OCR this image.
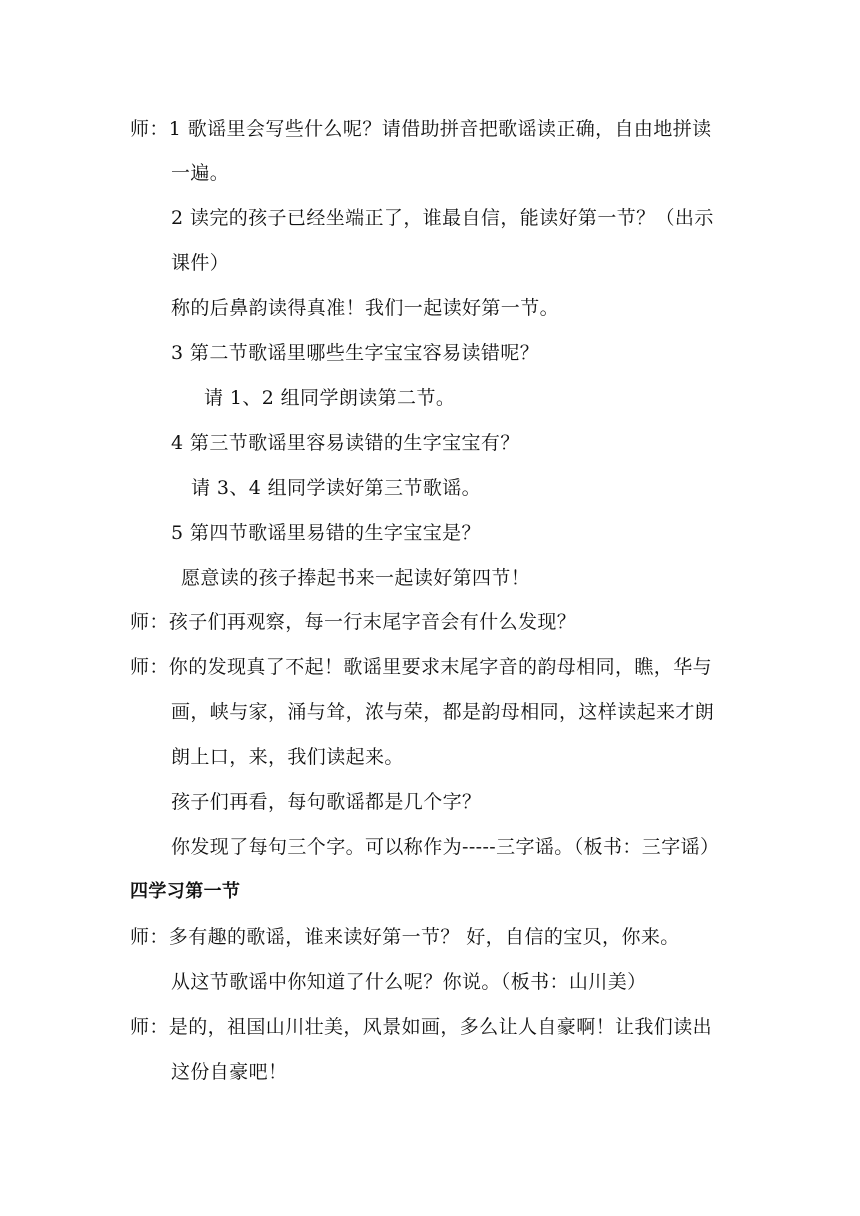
师：1 歌谣里会写些什么呢？请借助拼音把歌谣读正确，自由地拼读
一遍。
2 读完的孩子已经坐端正了，谁最自信，能读好第一节？（出示
课件）
称的后鼻韵读得真准！我们一起读好第一节。
3 第二节歌谣里哪些生字宝宝容易读错呢？
请 1、2 组同学朗读第二节。
4 第三节歌谣里容易读错的生字宝宝有？
请 3、4 组同学读好第三节歌谣。
5 第四节歌谣里易错的生字宝宝是？
愿意读的孩子捧起书来一起读好第四节！
师：孩子们再观察，每一行末尾字音会有什么发现？
师：你的发现真了不起！歌谣里要求末尾字音的韵母相同，瞧，华与
画，峡与家，涌与耸，浓与荣，都是韵母相同，这样读起来才朗
朗上口，来，我们读起来。
孩子们再看，每句歌谣都是几个字？
你发现了每句三个字。可以称作为-----三字谣。（板书：三字谣）
四学习第一节
师：多有趣的歌谣，谁来读好第一节？ 好，自信的宝贝，你来。
从这节歌谣中你知道了什么呢？你说。（板书：山川美）
师：是的，祖国山川壮美，风景如画，多么让人自豪啊！让我们读出
这份自豪吧！
